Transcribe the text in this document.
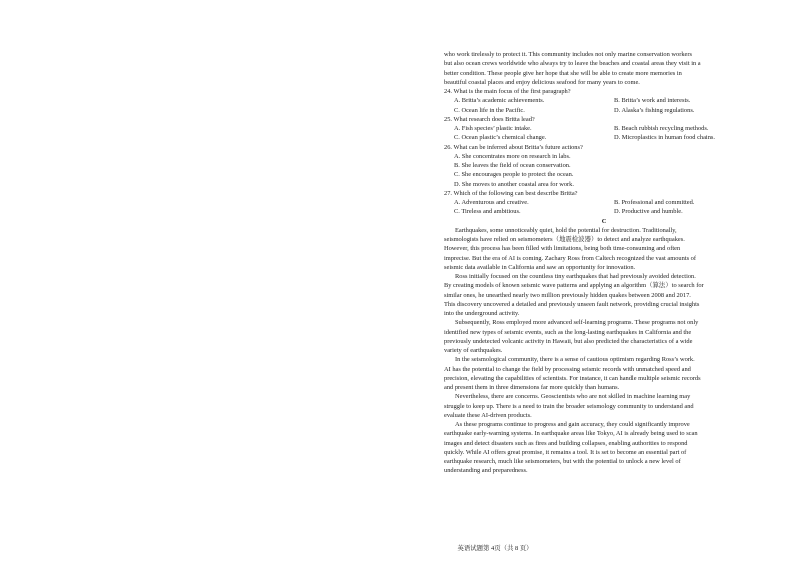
who work tirelessly to protect it. This community includes not only marine conservation workers
but also ocean crews worldwide who always try to leave the beaches and coastal areas they visit in a
better condition. These people give her hope that she will be able to create more memories in
beautiful coastal places and enjoy delicious seafood for many years to come.
24. What is the main focus of the first paragraph?
A. Britta’s academic achievements.	B. Britta’s work and interests.
C. Ocean life in the Pacific.	D. Alaska’s fishing regulations.
25. What research does Britta lead?
A. Fish species’ plastic intake.	B. Beach rubbish recycling methods.
C. Ocean plastic’s chemical change.	D. Microplastics in human food chains.
26. What can be inferred about Britta’s future actions?
A. She concentrates more on research in labs.
B. She leaves the field of ocean conservation.
C. She encourages people to protect the ocean.
D. She moves to another coastal area for work.
27. Which of the following can best describe Britta?
A. Adventurous and creative.	B. Professional and committed.
C. Tireless and ambitious.	D. Productive and humble.
C
Earthquakes, some unnoticeably quiet, hold the potential for destruction. Traditionally,
seismologists have relied on seismometers（地震检波器）to detect and analyze earthquakes.
However, this process has been filled with limitations, being both time-consuming and often
imprecise. But the era of AI is coming. Zachary Ross from Caltech recognized the vast amounts of
seismic data available in California and saw an opportunity for innovation.
Ross initially focused on the countless tiny earthquakes that had previously avoided detection.
By creating models of known seismic wave patterns and applying an algorithm（算法）to search for
similar ones, he unearthed nearly two million previously hidden quakes between 2008 and 2017.
This discovery uncovered a detailed and previously unseen fault network, providing crucial insights
into the underground activity.
Subsequently, Ross employed more advanced self-learning programs. These programs not only
identified new types of seismic events, such as the long-lasting earthquakes in California and the
previously undetected volcanic activity in Hawaii, but also predicted the characteristics of a wide
variety of earthquakes.
In the seismological community, there is a sense of cautious optimism regarding Ross’s work.
AI has the potential to change the field by processing seismic records with unmatched speed and
precision, elevating the capabilities of scientists. For instance, it can handle multiple seismic records
and present them in three dimensions far more quickly than humans.
Nevertheless, there are concerns. Geoscientists who are not skilled in machine learning may
struggle to keep up. There is a need to train the broader seismology community to understand and
evaluate these AI-driven products.
As these programs continue to progress and gain accuracy, they could significantly improve
earthquake early-warning systems. In earthquake areas like Tokyo, AI is already being used to scan
images and detect disasters such as fires and building collapses, enabling authorities to respond
quickly. While AI offers great promise, it remains a tool. It is set to become an essential part of
earthquake research, much like seismometers, but with the potential to unlock a new level of
understanding and preparedness.
英语试题第 4页（共 8 页）
